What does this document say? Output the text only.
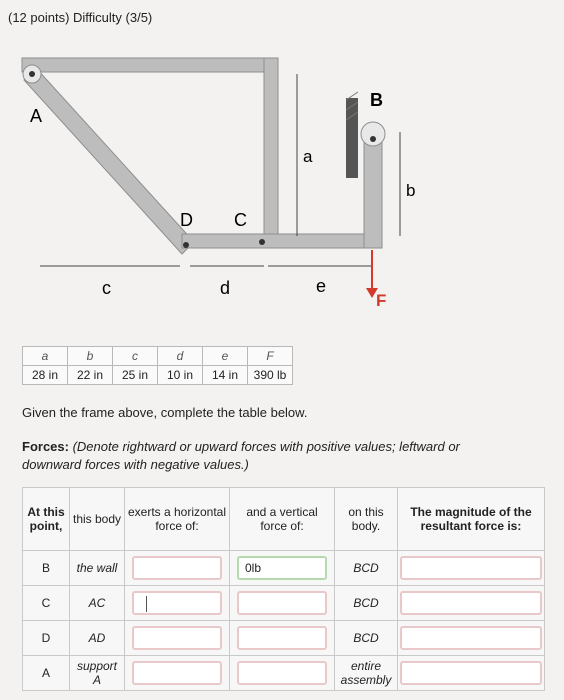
(12 points) Difficulty (3/5)
A
B
C
D
a
b
c	d	e
F
a	b	c	d	e	F
28 in	22 in	25 in	10 in	14 in	390 lb
Given the frame above, complete the table below.
Forces: (Denote rightward or upward forces with positive values; leftward or downward forces with negative values.)
At this point,	this body	exerts a horizontal force of:	and a vertical force of:	on this body.	The magnitude of the resultant force is:
B	the wall		0lb	BCD	
C	AC			BCD	
D	AD			BCD	
A	support A			entire assembly	
